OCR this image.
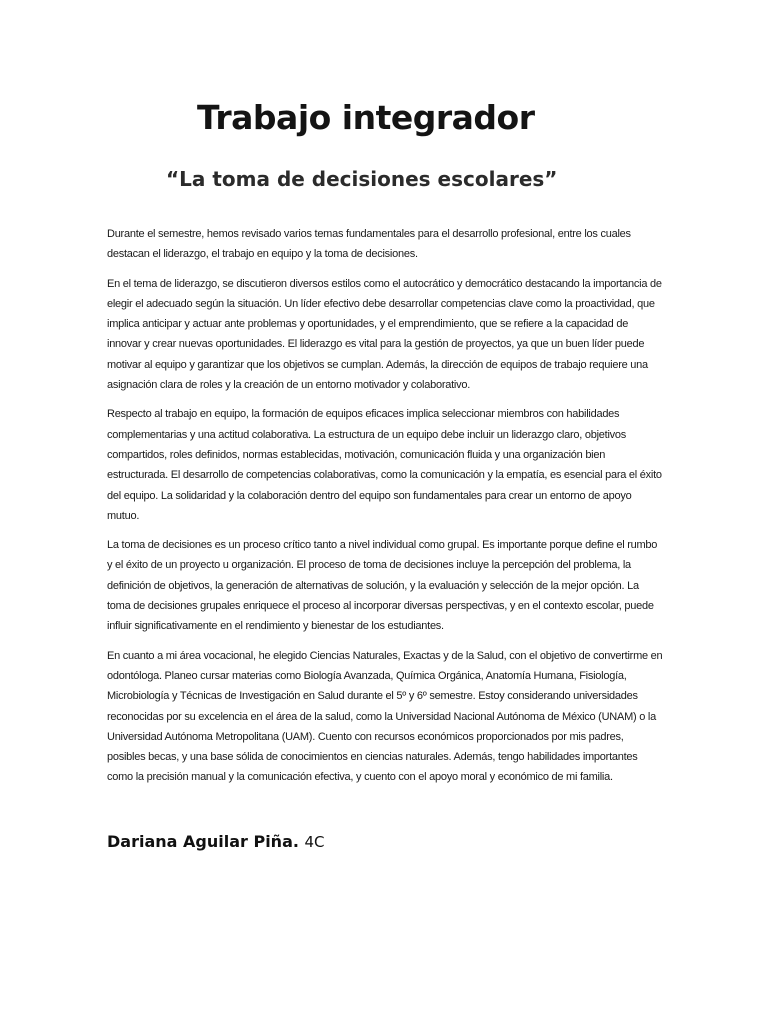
Trabajo integrador
“La toma de decisiones escolares”

Durante el semestre, hemos revisado varios temas fundamentales para el desarrollo profesional, entre los cuales destacan el liderazgo, el trabajo en equipo y la toma de decisiones.

En el tema de liderazgo, se discutieron diversos estilos como el autocrático y democrático destacando la importancia de elegir el adecuado según la situación. Un líder efectivo debe desarrollar competencias clave como la proactividad, que implica anticipar y actuar ante problemas y oportunidades, y el emprendimiento, que se refiere a la capacidad de innovar y crear nuevas oportunidades. El liderazgo es vital para la gestión de proyectos, ya que un buen líder puede motivar al equipo y garantizar que los objetivos se cumplan. Además, la dirección de equipos de trabajo requiere una asignación clara de roles y la creación de un entorno motivador y colaborativo.

Respecto al trabajo en equipo, la formación de equipos eficaces implica seleccionar miembros con habilidades complementarias y una actitud colaborativa. La estructura de un equipo debe incluir un liderazgo claro, objetivos compartidos, roles definidos, normas establecidas, motivación, comunicación fluida y una organización bien estructurada. El desarrollo de competencias colaborativas, como la comunicación y la empatía, es esencial para el éxito del equipo. La solidaridad y la colaboración dentro del equipo son fundamentales para crear un entorno de apoyo mutuo.

La toma de decisiones es un proceso crítico tanto a nivel individual como grupal. Es importante porque define el rumbo y el éxito de un proyecto u organización. El proceso de toma de decisiones incluye la percepción del problema, la definición de objetivos, la generación de alternativas de solución, y la evaluación y selección de la mejor opción. La toma de decisiones grupales enriquece el proceso al incorporar diversas perspectivas, y en el contexto escolar, puede influir significativamente en el rendimiento y bienestar de los estudiantes.

En cuanto a mi área vocacional, he elegido Ciencias Naturales, Exactas y de la Salud, con el objetivo de convertirme en odontóloga. Planeo cursar materias como Biología Avanzada, Química Orgánica, Anatomía Humana, Fisiología, Microbiología y Técnicas de Investigación en Salud durante el 5º y 6º semestre. Estoy considerando universidades reconocidas por su excelencia en el área de la salud, como la Universidad Nacional Autónoma de México (UNAM) o la Universidad Autónoma Metropolitana (UAM). Cuento con recursos económicos proporcionados por mis padres, posibles becas, y una base sólida de conocimientos en ciencias naturales. Además, tengo habilidades importantes como la precisión manual y la comunicación efectiva, y cuento con el apoyo moral y económico de mi familia.

Dariana Aguilar Piña. 4C
